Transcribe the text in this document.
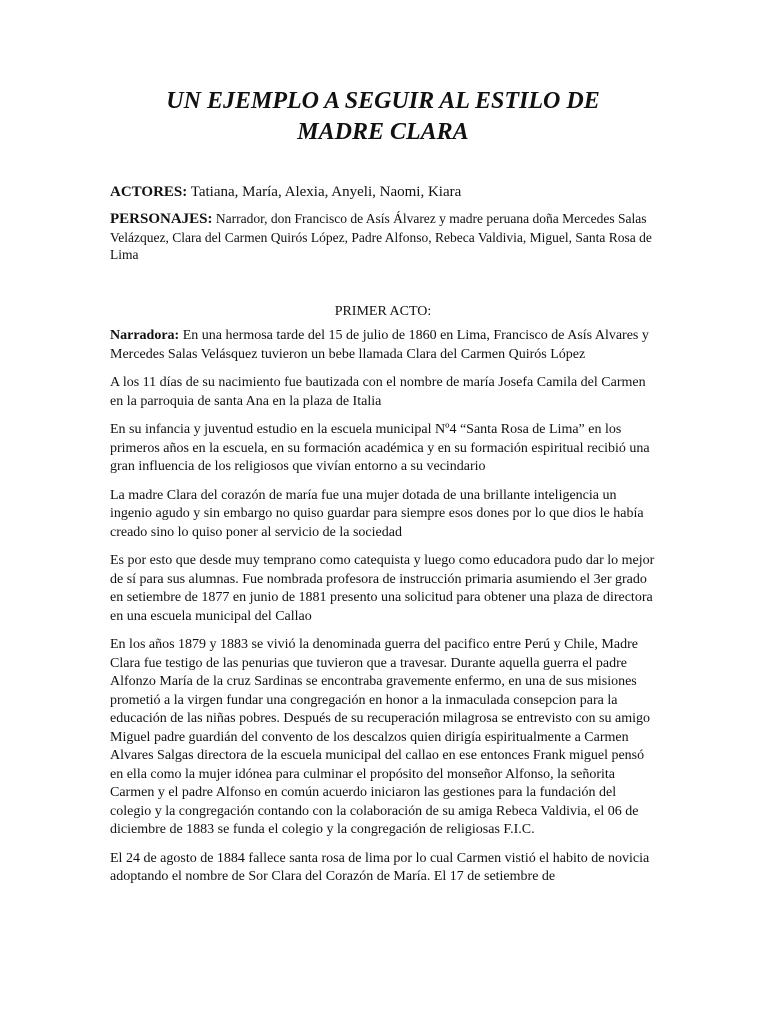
UN EJEMPLO A SEGUIR AL ESTILO DE
MADRE CLARA
ACTORES: Tatiana, María, Alexia, Anyeli, Naomi, Kiara
PERSONAJES: Narrador, don Francisco de Asís Álvarez y madre peruana doña Mercedes Salas Velázquez, Clara del Carmen Quirós López, Padre Alfonso, Rebeca Valdivia, Miguel, Santa Rosa de Lima
PRIMER ACTO:

Narradora: En una hermosa tarde del 15 de julio de 1860 en Lima, Francisco de Asís Alvares y Mercedes Salas Velásquez tuvieron un bebe llamada Clara del Carmen Quirós López

A los 11 días de su nacimiento fue bautizada con el nombre de maría Josefa Camila del Carmen en la parroquia de santa Ana en la plaza de Italia

En su infancia y juventud estudio en la escuela municipal Nº4 “Santa Rosa de Lima” en los primeros años en la escuela, en su formación académica y en su formación espiritual recibió una gran influencia de los religiosos que vivían entorno a su vecindario

La madre Clara del corazón de maría fue una mujer dotada de una brillante inteligencia un ingenio agudo y sin embargo no quiso guardar para siempre esos dones por lo que dios le había creado sino lo quiso poner al servicio de la sociedad

Es por esto que desde muy temprano como catequista y luego como educadora pudo dar lo mejor de sí para sus alumnas. Fue nombrada profesora de instrucción primaria asumiendo el 3er grado en setiembre de 1877 en junio de 1881 presento una solicitud para obtener una plaza de directora en una escuela municipal del Callao

En los años 1879 y 1883 se vivió la denominada guerra del pacifico entre Perú y Chile, Madre Clara fue testigo de las penurias que tuvieron que a travesar. Durante aquella guerra el padre Alfonzo María de la cruz Sardinas se encontraba gravemente enfermo, en una de sus misiones prometió a la virgen fundar una congregación en honor a la inmaculada consepcion para la educación de las niñas pobres. Después de su recuperación milagrosa se entrevisto con su amigo Miguel padre guardián del convento de los descalzos quien dirigía espiritualmente a Carmen Alvares Salgas directora de la escuela municipal del callao en ese entonces Frank miguel pensó en ella como la mujer idónea para culminar el propósito del monseñor Alfonso, la señorita Carmen y el padre Alfonso en común acuerdo iniciaron las gestiones para la fundación del colegio y la congregación contando con la colaboración de su amiga Rebeca Valdivia, el 06 de diciembre de 1883 se funda el colegio y la congregación de religiosas F.I.C.

El 24 de agosto de 1884 fallece santa rosa de lima por lo cual Carmen vistió el habito de novicia adoptando el nombre de Sor Clara del Corazón de María. El 17 de setiembre de
